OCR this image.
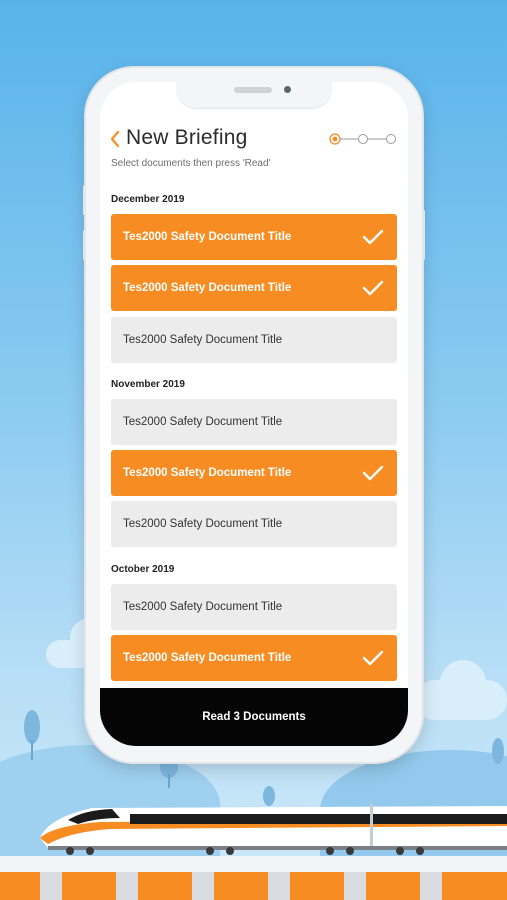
New Briefing
Select documents then press 'Read'
December 2019
Tes2000 Safety Document Title
Tes2000 Safety Document Title
Tes2000 Safety Document Title
November 2019
Tes2000 Safety Document Title
Tes2000 Safety Document Title
Tes2000 Safety Document Title
October 2019
Tes2000 Safety Document Title
Tes2000 Safety Document Title
Read 3 Documents
